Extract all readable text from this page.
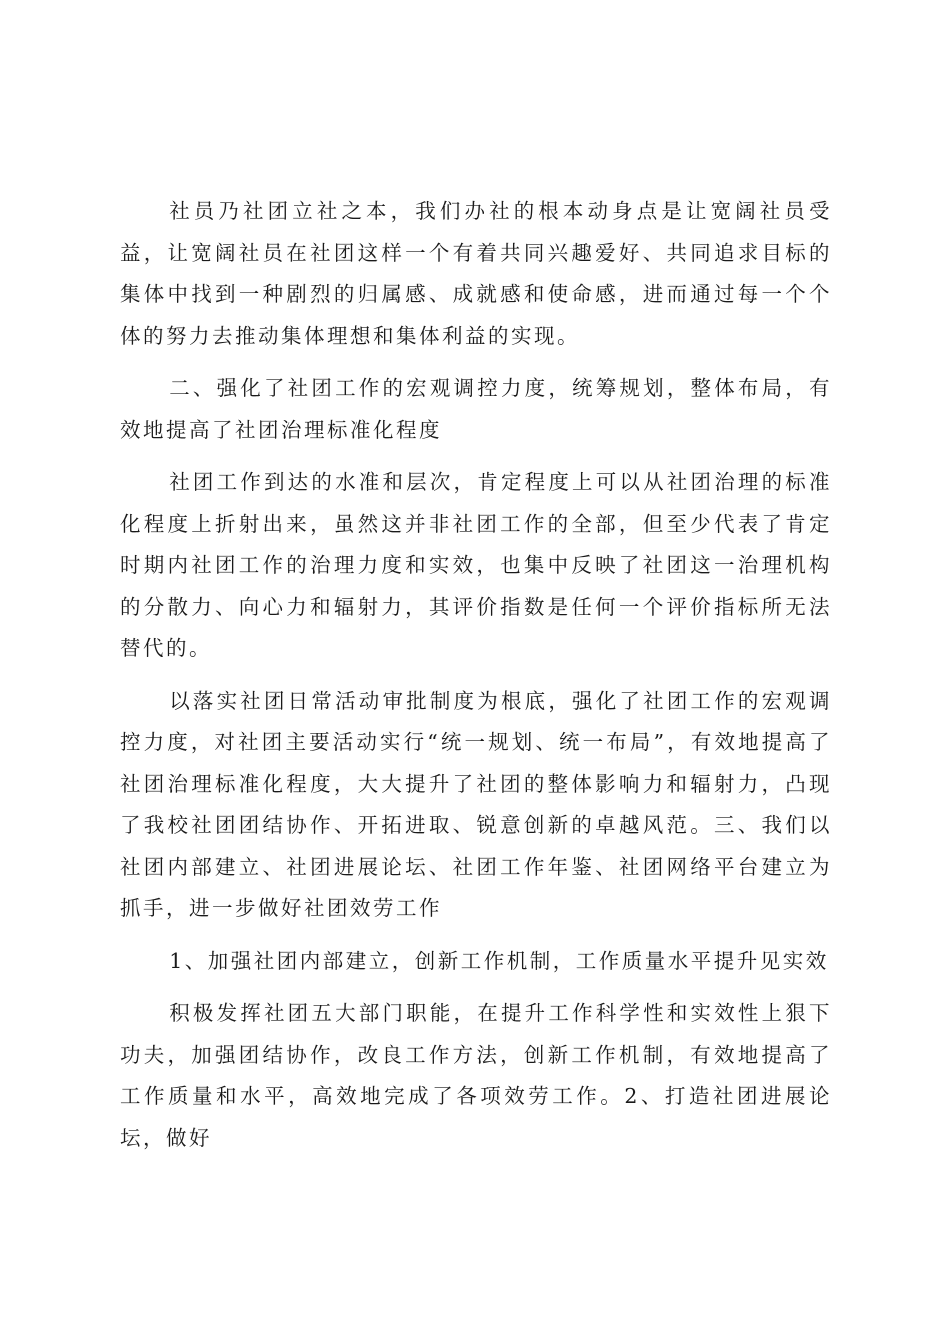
社员乃社团立社之本，我们办社的根本动身点是让宽阔社员受益，让宽阔社员在社团这样一个有着共同兴趣爱好、共同追求目标的集体中找到一种剧烈的归属感、成就感和使命感，进而通过每一个个体的努力去推动集体理想和集体利益的实现。

二、强化了社团工作的宏观调控力度，统筹规划，整体布局，有效地提高了社团治理标准化程度

社团工作到达的水准和层次，肯定程度上可以从社团治理的标准化程度上折射出来，虽然这并非社团工作的全部，但至少代表了肯定时期内社团工作的治理力度和实效，也集中反映了社团这一治理机构的分散力、向心力和辐射力，其评价指数是任何一个评价指标所无法替代的。

以落实社团日常活动审批制度为根底，强化了社团工作的宏观调控力度，对社团主要活动实行“统一规划、统一布局”，有效地提高了社团治理标准化程度，大大提升了社团的整体影响力和辐射力，凸现了我校社团团结协作、开拓进取、锐意创新的卓越风范。三、我们以社团内部建立、社团进展论坛、社团工作年鉴、社团网络平台建立为抓手，进一步做好社团效劳工作

1、加强社团内部建立，创新工作机制，工作质量水平提升见实效

积极发挥社团五大部门职能，在提升工作科学性和实效性上狠下功夫，加强团结协作，改良工作方法，创新工作机制，有效地提高了工作质量和水平，高效地完成了各项效劳工作。2、打造社团进展论坛，做好
